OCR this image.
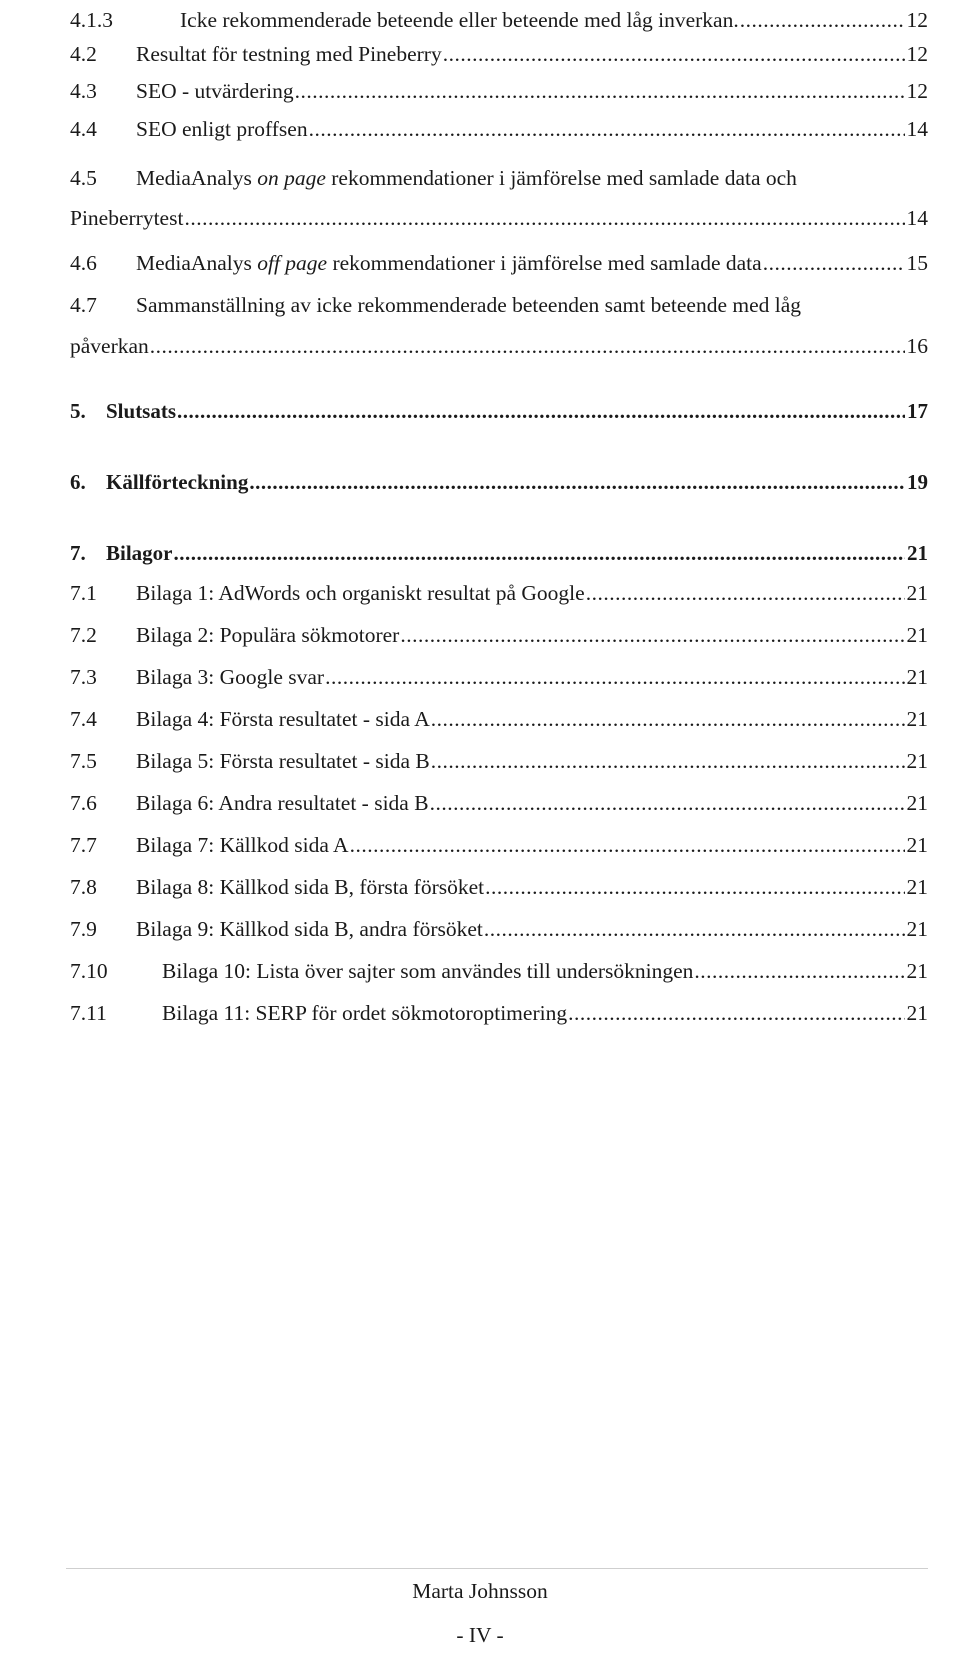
4.1.3	Icke rekommenderade beteende eller beteende med låg inverkan. .....	12
4.2	Resultat för testning med Pineberry .....	12
4.3	SEO - utvärdering .....	12
4.4	SEO enligt proffsen .....	14
4.5	MediaAnalys on page rekommendationer i jämförelse med samlade data och
Pineberrytest .....	14
4.6	MediaAnalys off page rekommendationer i jämförelse med samlade data .....	15
4.7	Sammanställning av icke rekommenderade beteenden samt beteende med låg
påverkan .....	16
5. Slutsats .....	17
6. Källförteckning .....	19
7. Bilagor .....	21
7.1	Bilaga 1: AdWords och organiskt resultat på Google .....	21
7.2	Bilaga 2: Populära sökmotorer .....	21
7.3	Bilaga 3: Google svar .....	21
7.4	Bilaga 4: Första resultatet - sida A .....	21
7.5	Bilaga 5: Första resultatet - sida B .....	21
7.6	Bilaga 6: Andra resultatet - sida B .....	21
7.7	Bilaga 7: Källkod sida A .....	21
7.8	Bilaga 8: Källkod sida B, första försöket .....	21
7.9	Bilaga 9: Källkod sida B, andra försöket .....	21
7.10	Bilaga 10: Lista över sajter som användes till undersökningen .....	21
7.11	Bilaga 11: SERP för ordet sökmotoroptimering .....	21
Marta Johnsson
- IV -
